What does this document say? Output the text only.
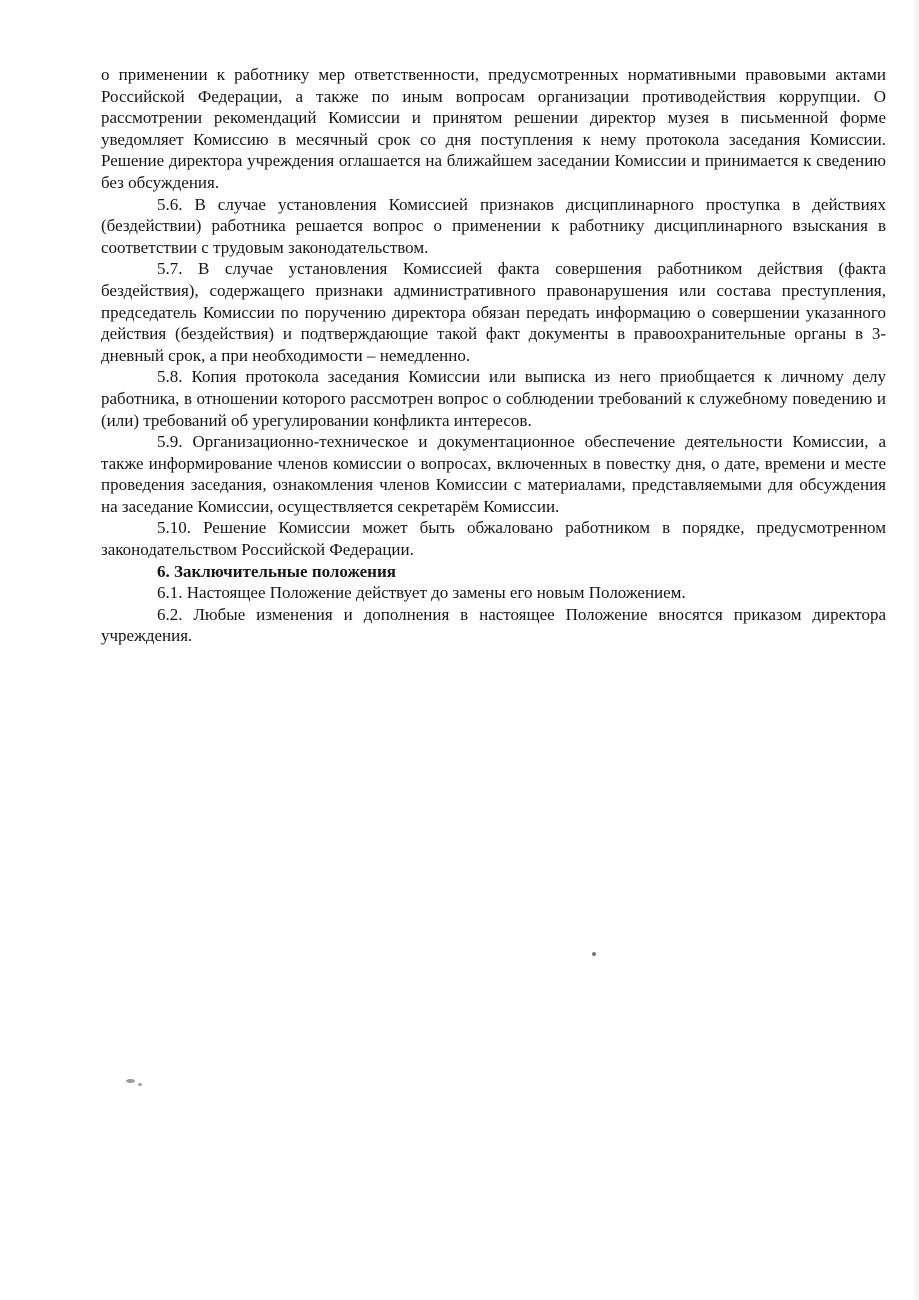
о применении к работнику мер ответственности, предусмотренных нормативными правовыми актами Российской Федерации, а также по иным вопросам организации противодействия коррупции. О рассмотрении рекомендаций Комиссии и принятом решении директор музея в письменной форме уведомляет Комиссию в месячный срок со дня поступления к нему протокола заседания Комиссии. Решение директора учреждения оглашается на ближайшем заседании Комиссии и принимается к сведению без обсуждения.

5.6. В случае установления Комиссией признаков дисциплинарного проступка в действиях (бездействии) работника решается вопрос о применении к работнику дисциплинарного взыскания в соответствии с трудовым законодательством.

5.7. В случае установления Комиссией факта совершения работником действия (факта бездействия), содержащего признаки административного правонарушения или состава преступления, председатель Комиссии по поручению директора обязан передать информацию о совершении указанного действия (бездействия) и подтверждающие такой факт документы в правоохранительные органы в 3-дневный срок, а при необходимости – немедленно.

5.8. Копия протокола заседания Комиссии или выписка из него приобщается к личному делу работника, в отношении которого рассмотрен вопрос о соблюдении требований к служебному поведению и (или) требований об урегулировании конфликта интересов.

5.9. Организационно-техническое и документационное обеспечение деятельности Комиссии, а также информирование членов комиссии о вопросах, включенных в повестку дня, о дате, времени и месте проведения заседания, ознакомления членов Комиссии с материалами, представляемыми для обсуждения на заседание Комиссии, осуществляется секретарём Комиссии.

5.10. Решение Комиссии может быть обжаловано работником в порядке, предусмотренном законодательством Российской Федерации.

6. Заключительные положения

6.1. Настоящее Положение действует до замены его новым Положением.

6.2. Любые изменения и дополнения в настоящее Положение вносятся приказом директора учреждения.
